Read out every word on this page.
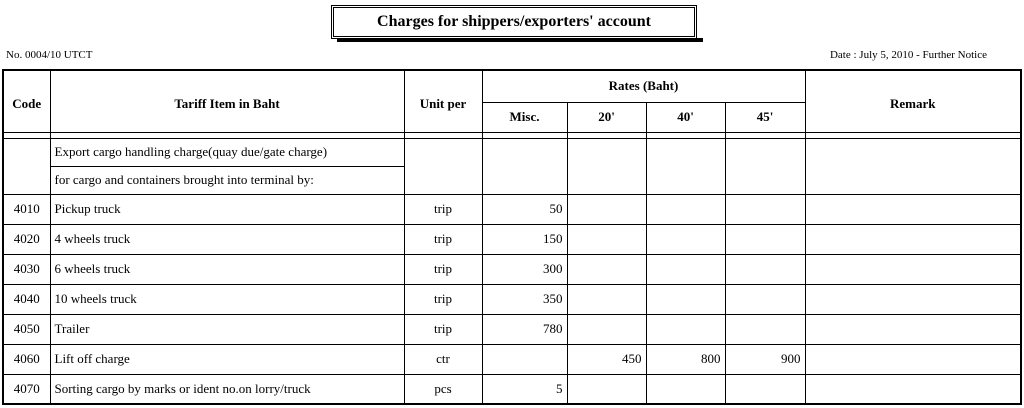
Charges for shippers/exporters' account
No. 0004/10 UTCT	Date : July 5, 2010 - Further Notice
Code	Tariff Item in Baht	Unit per	Rates (Baht)				Remark
			Misc.	20'	40'	45'	

	Export cargo handling charge(quay due/gate charge)						
	for cargo and containers brought into terminal by:						
4010	Pickup truck	trip	50				
4020	4 wheels truck	trip	150				
4030	6 wheels truck	trip	300				
4040	10 wheels truck	trip	350				
4050	Trailer	trip	780				
4060	Lift off charge	ctr		450	800	900	
4070	Sorting cargo by marks or ident no.on lorry/truck	pcs	5				
